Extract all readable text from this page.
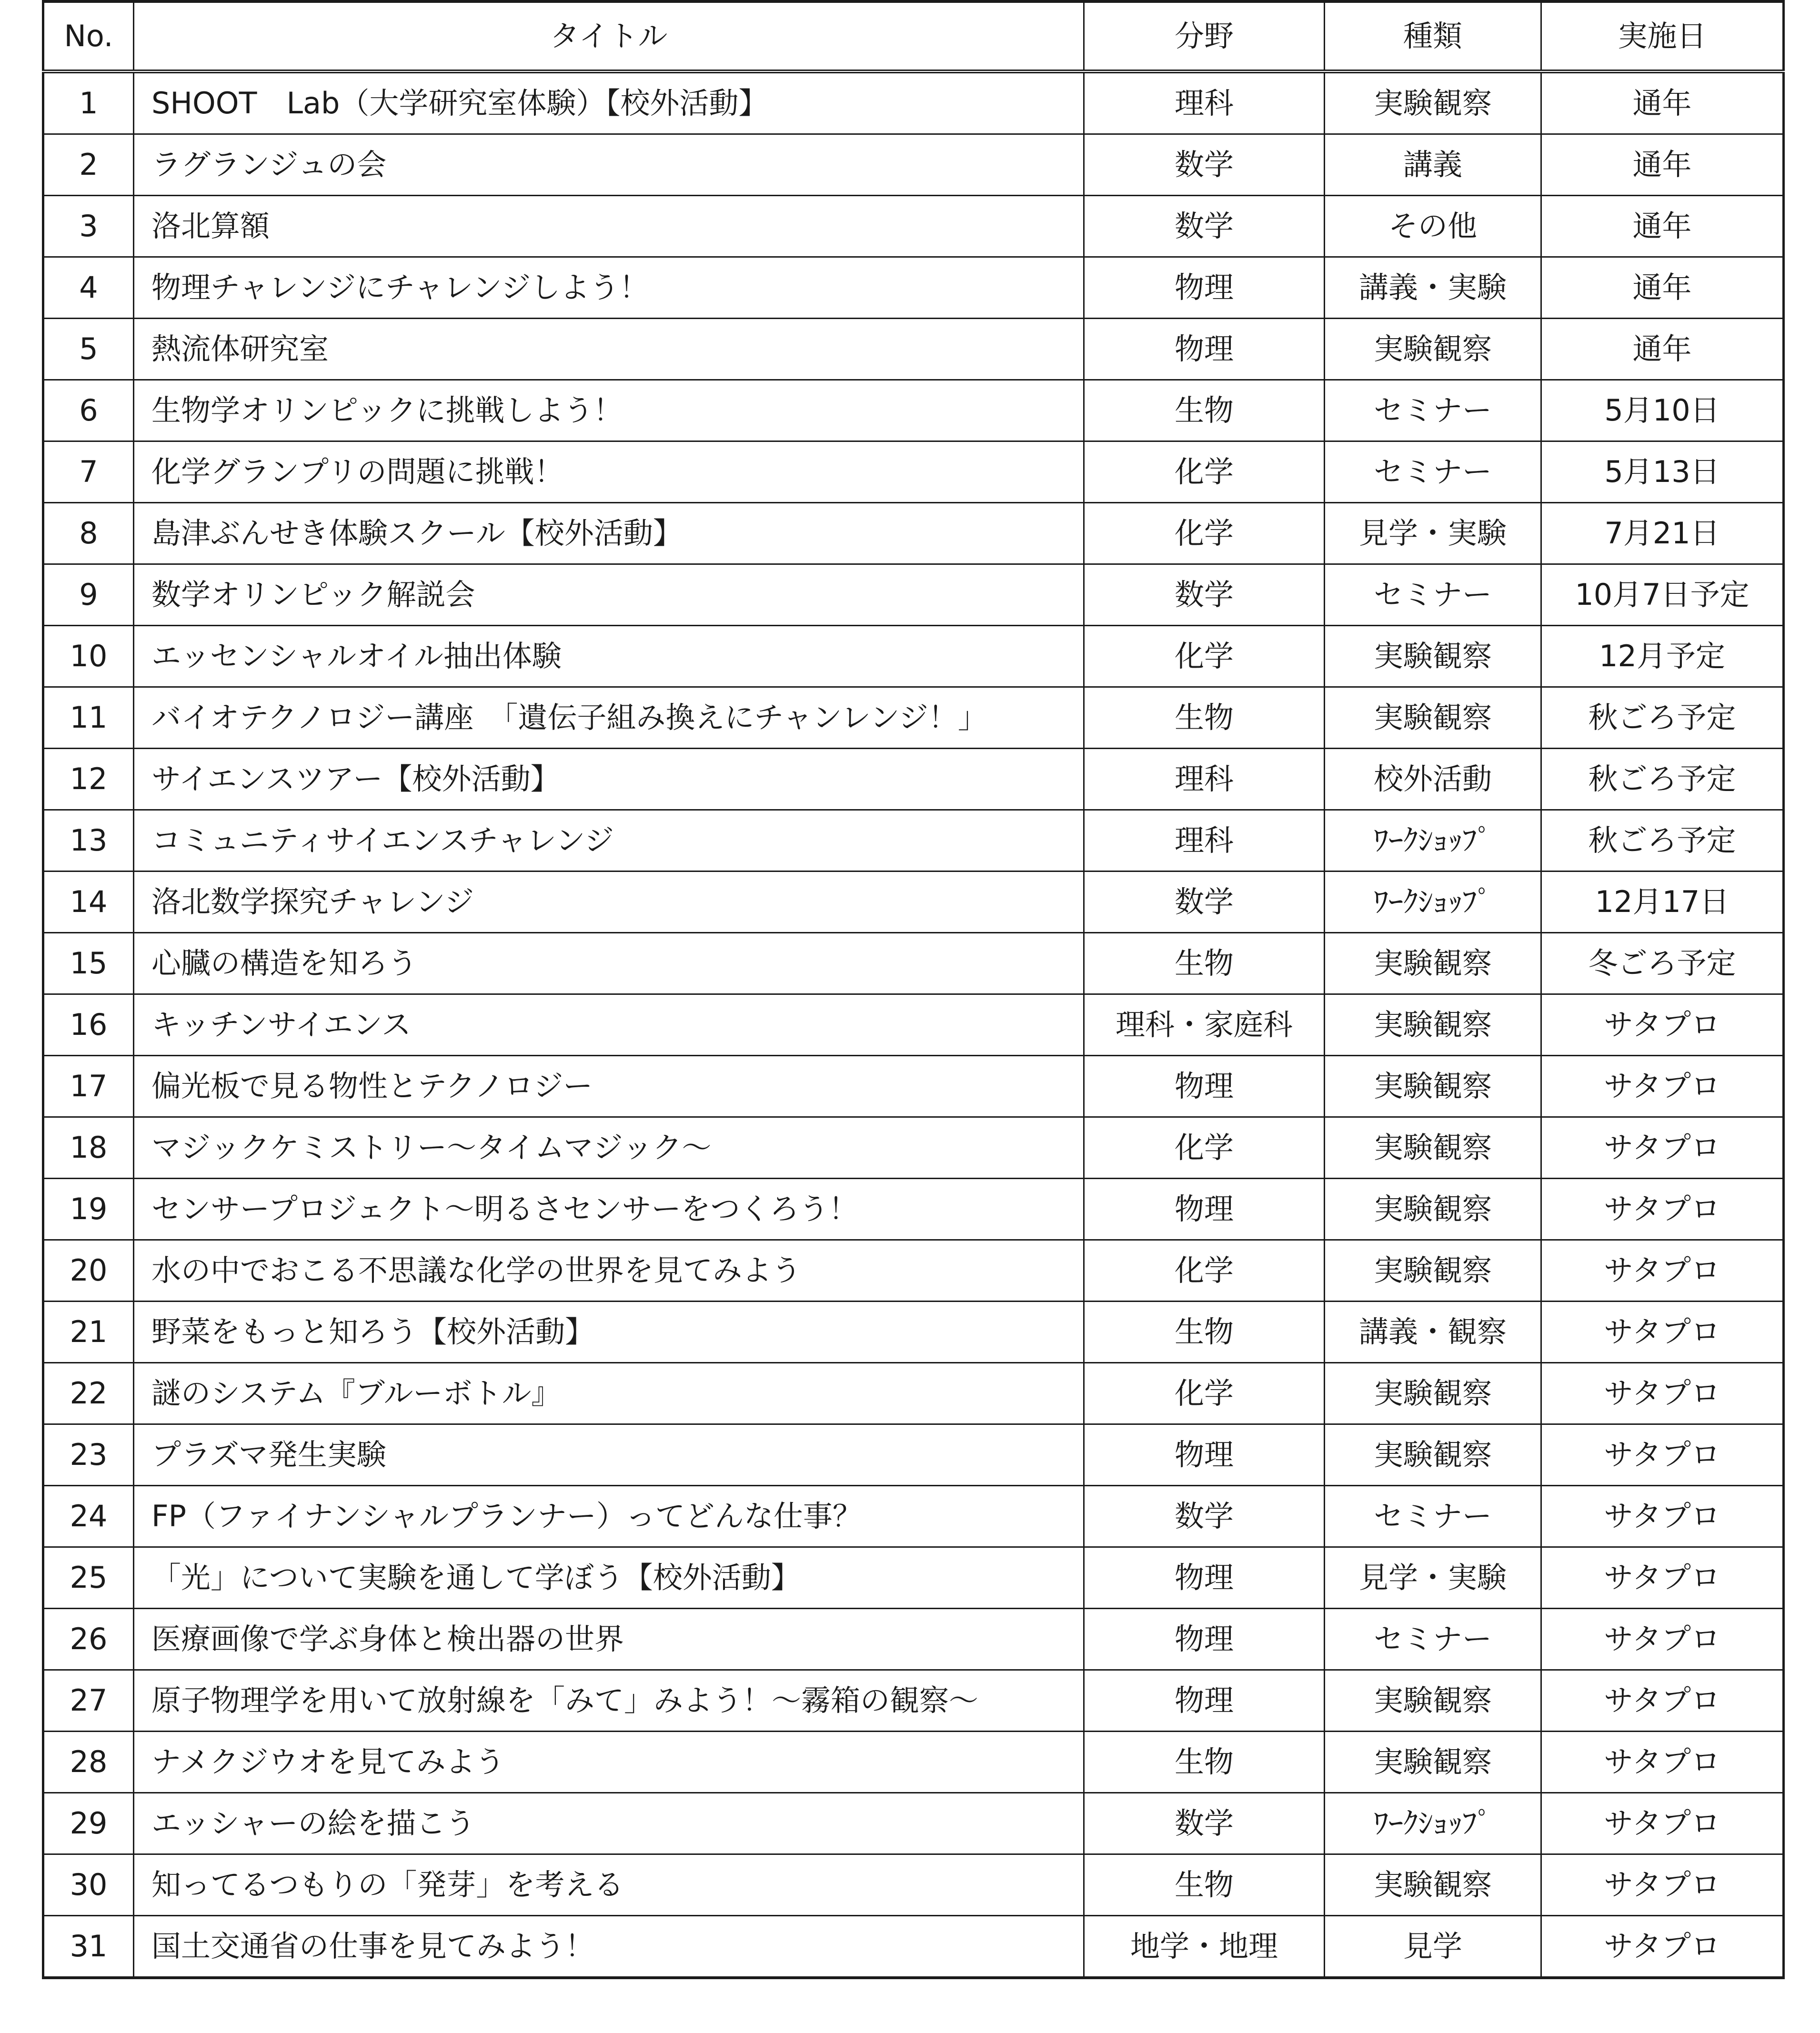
No.	タイトル	分野	種類	実施日
1	SHOOT　Lab（大学研究室体験）【校外活動】	理科	実験観察	通年
2	ラグランジュの会	数学	講義	通年
3	洛北算額	数学	その他	通年
4	物理チャレンジにチャレンジしよう！	物理	講義・実験	通年
5	熱流体研究室	物理	実験観察	通年
6	生物学オリンピックに挑戦しよう！	生物	セミナー	5月10日
7	化学グランプリの問題に挑戦！	化学	セミナー	5月13日
8	島津ぶんせき体験スクール【校外活動】	化学	見学・実験	7月21日
9	数学オリンピック解説会	数学	セミナー	10月7日予定
10	エッセンシャルオイル抽出体験	化学	実験観察	12月予定
11	バイオテクノロジー講座　「遺伝子組み換えにチャンレンジ！」	生物	実験観察	秋ごろ予定
12	サイエンスツアー【校外活動】	理科	校外活動	秋ごろ予定
13	コミュニティサイエンスチャレンジ	理科	ﾜｰｸｼｮｯﾌﾟ	秋ごろ予定
14	洛北数学探究チャレンジ	数学	ﾜｰｸｼｮｯﾌﾟ	12月17日
15	心臓の構造を知ろう	生物	実験観察	冬ごろ予定
16	キッチンサイエンス	理科・家庭科	実験観察	サタプロ
17	偏光板で見る物性とテクノロジー	物理	実験観察	サタプロ
18	マジックケミストリー～タイムマジック～	化学	実験観察	サタプロ
19	センサープロジェクト～明るさセンサーをつくろう！	物理	実験観察	サタプロ
20	水の中でおこる不思議な化学の世界を見てみよう	化学	実験観察	サタプロ
21	野菜をもっと知ろう【校外活動】	生物	講義・観察	サタプロ
22	謎のシステム『ブルーボトル』	化学	実験観察	サタプロ
23	プラズマ発生実験	物理	実験観察	サタプロ
24	FP（ファイナンシャルプランナー）ってどんな仕事？	数学	セミナー	サタプロ
25	「光」について実験を通して学ぼう【校外活動】	物理	見学・実験	サタプロ
26	医療画像で学ぶ身体と検出器の世界	物理	セミナー	サタプロ
27	原子物理学を用いて放射線を「みて」みよう！～霧箱の観察～	物理	実験観察	サタプロ
28	ナメクジウオを見てみよう	生物	実験観察	サタプロ
29	エッシャーの絵を描こう	数学	ﾜｰｸｼｮｯﾌﾟ	サタプロ
30	知ってるつもりの「発芽」を考える	生物	実験観察	サタプロ
31	国土交通省の仕事を見てみよう！	地学・地理	見学	サタプロ
